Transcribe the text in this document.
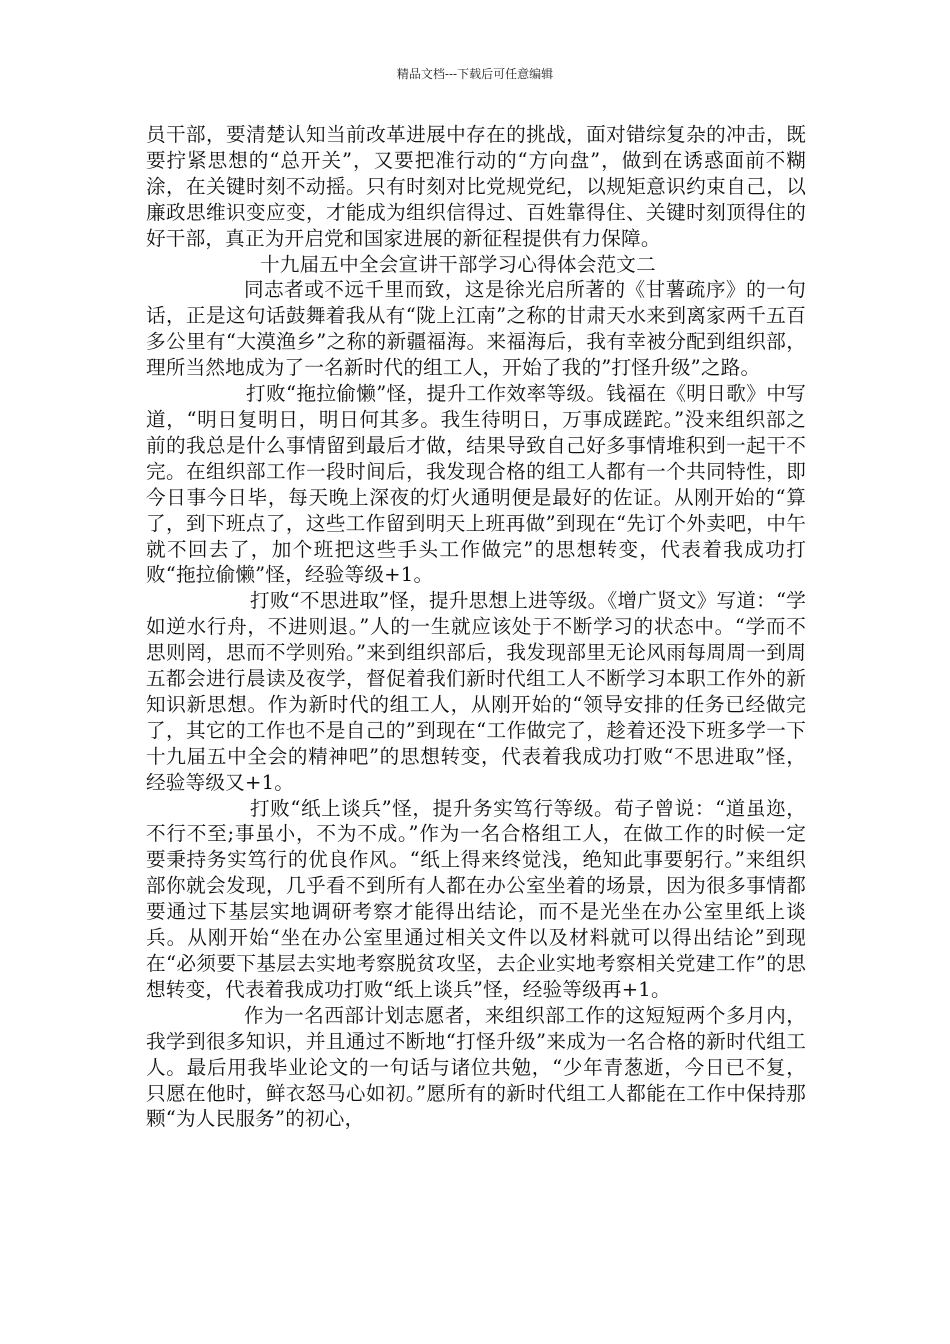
精品文档---下载后可任意编辑

员干部，要清楚认知当前改革进展中存在的挑战，面对错综复杂的冲击，既要拧紧思想的“总开关”，又要把准行动的“方向盘”，做到在诱惑面前不糊涂，在关键时刻不动摇。只有时刻对比党规党纪，以规矩意识约束自己，以廉政思维识变应变，才能成为组织信得过、百姓靠得住、关键时刻顶得住的好干部，真正为开启党和国家进展的新征程提供有力保障。

十九届五中全会宣讲干部学习心得体会范文二

同志者或不远千里而致，这是徐光启所著的《甘薯疏序》的一句话，正是这句话鼓舞着我从有“陇上江南”之称的甘肃天水来到离家两千五百多公里有“大漠渔乡”之称的新疆福海。来福海后，我有幸被分配到组织部，理所当然地成为了一名新时代的组工人，开始了我的”打怪升级”之路。

打败“拖拉偷懒”怪，提升工作效率等级。钱福在《明日歌》中写道，“明日复明日，明日何其多。我生待明日，万事成蹉跎。”没来组织部之前的我总是什么事情留到最后才做，结果导致自己好多事情堆积到一起干不完。在组织部工作一段时间后，我发现合格的组工人都有一个共同特性，即今日事今日毕，每天晚上深夜的灯火通明便是最好的佐证。从刚开始的“算了，到下班点了，这些工作留到明天上班再做”到现在“先订个外卖吧，中午就不回去了，加个班把这些手头工作做完”的思想转变，代表着我成功打败“拖拉偷懒”怪，经验等级+1。

打败“不思进取”怪，提升思想上进等级。《增广贤文》写道：“学如逆水行舟，不进则退。”人的一生就应该处于不断学习的状态中。“学而不思则罔，思而不学则殆。”来到组织部后，我发现部里无论风雨每周周一到周五都会进行晨读及夜学，督促着我们新时代组工人不断学习本职工作外的新知识新思想。作为新时代的组工人，从刚开始的“领导安排的任务已经做完了，其它的工作也不是自己的”到现在“工作做完了，趁着还没下班多学一下十九届五中全会的精神吧”的思想转变，代表着我成功打败“不思进取”怪，经验等级又+1。

打败“纸上谈兵”怪，提升务实笃行等级。荀子曾说：“道虽迩，不行不至;事虽小，不为不成。”作为一名合格组工人，在做工作的时候一定要秉持务实笃行的优良作风。“纸上得来终觉浅，绝知此事要躬行。”来组织部你就会发现，几乎看不到所有人都在办公室坐着的场景，因为很多事情都要通过下基层实地调研考察才能得出结论，而不是光坐在办公室里纸上谈兵。从刚开始“坐在办公室里通过相关文件以及材料就可以得出结论”到现在“必须要下基层去实地考察脱贫攻坚，去企业实地考察相关党建工作”的思想转变，代表着我成功打败“纸上谈兵”怪，经验等级再+1。

作为一名西部计划志愿者，来组织部工作的这短短两个多月内，我学到很多知识，并且通过不断地“打怪升级”来成为一名合格的新时代组工人。最后用我毕业论文的一句话与诸位共勉，“少年青葱逝，今日已不复，只愿在他时，鲜衣怒马心如初。”愿所有的新时代组工人都能在工作中保持那颗“为人民服务”的初心，
